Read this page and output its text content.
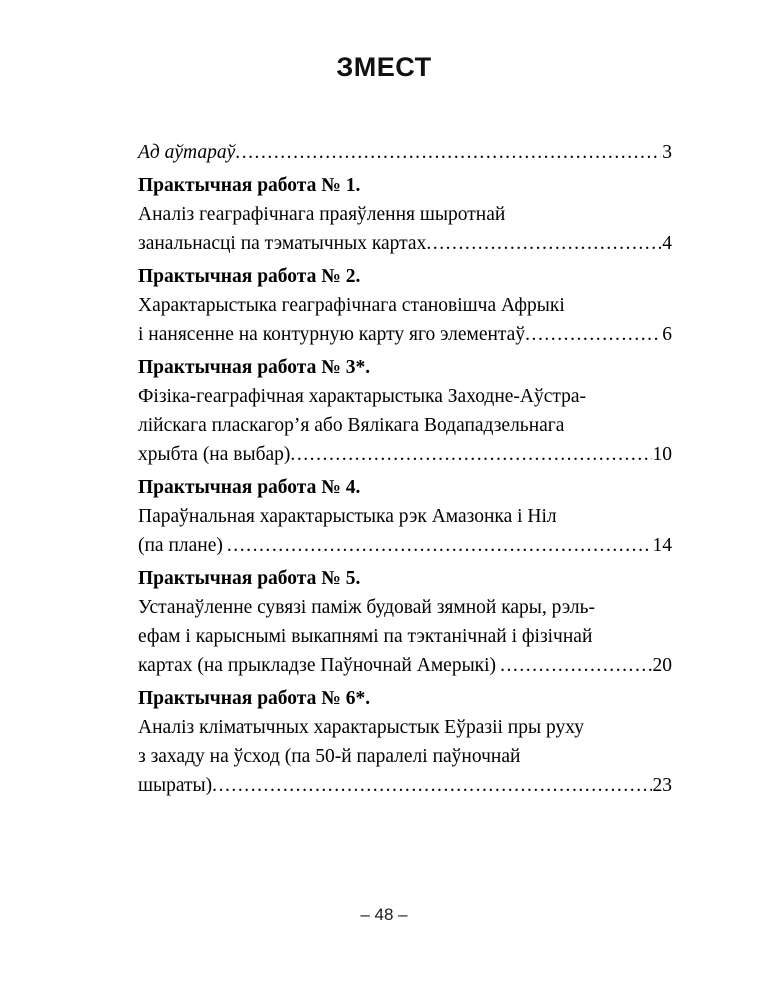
ЗМЕСТ
Ад аўтараў .....	3
Практычная работа № 1.
Аналіз геаграфічнага праяўлення шыротнай
занальнасці па тэматычных картах .....	4
Практычная работа № 2.
Характарыстыка геаграфічнага становішча Афрыкі
і нанясенне на контурную карту яго элементаў .....	6
Практычная работа № 3*.
Фізіка-геаграфічная характарыстыка Заходне-Аўстра-
лійскага пласкагор’я або Вялікага Водападзельнага
хрыбта (на выбар) .....	10
Практычная работа № 4.
Параўнальная характарыстыка рэк Амазонка і Ніл
(па плане) .....	14
Практычная работа № 5.
Устанаўленне сувязі паміж будовай зямной кары, рэль-
ефам і карыснымі выкапнямі па тэктанічнай і фізічнай
картах (на прыкладзе Паўночнай Амерыкі) .....	20
Практычная работа № 6*.
Аналіз кліматычных характарыстык Еўразіі пры руху
з захаду на ўсход (па 50-й паралелі паўночнай
шыраты) .....	23
– 48 –
